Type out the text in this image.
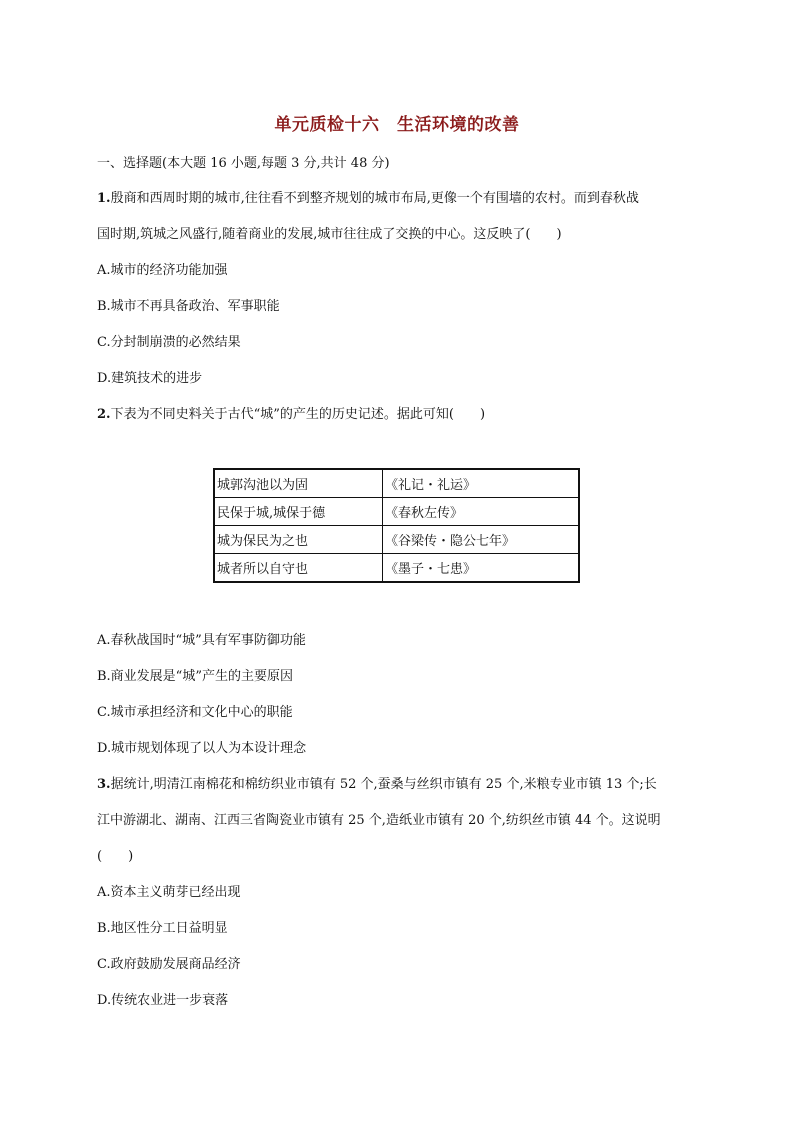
单元质检十六　生活环境的改善
一、选择题(本大题 16 小题,每题 3 分,共计 48 分)
1.殷商和西周时期的城市,往往看不到整齐规划的城市布局,更像一个有围墙的农村。而到春秋战
国时期,筑城之风盛行,随着商业的发展,城市往往成了交换的中心。这反映了(　　)
A.城市的经济功能加强
B.城市不再具备政治、军事职能
C.分封制崩溃的必然结果
D.建筑技术的进步
2.下表为不同史料关于古代“城”的产生的历史记述。据此可知(　　)
城郭沟池以为固	《礼记・礼运》
民保于城,城保于德	《春秋左传》
城为保民为之也	《谷梁传・隐公七年》
城者所以自守也	《墨子・七患》
A.春秋战国时“城”具有军事防御功能
B.商业发展是“城”产生的主要原因
C.城市承担经济和文化中心的职能
D.城市规划体现了以人为本设计理念
3.据统计,明清江南棉花和棉纺织业市镇有 52 个,蚕桑与丝织市镇有 25 个,米粮专业市镇 13 个;长
江中游湖北、湖南、江西三省陶瓷业市镇有 25 个,造纸业市镇有 20 个,纺织丝市镇 44 个。这说明
(　　)
A.资本主义萌芽已经出现
B.地区性分工日益明显
C.政府鼓励发展商品经济
D.传统农业进一步衰落
